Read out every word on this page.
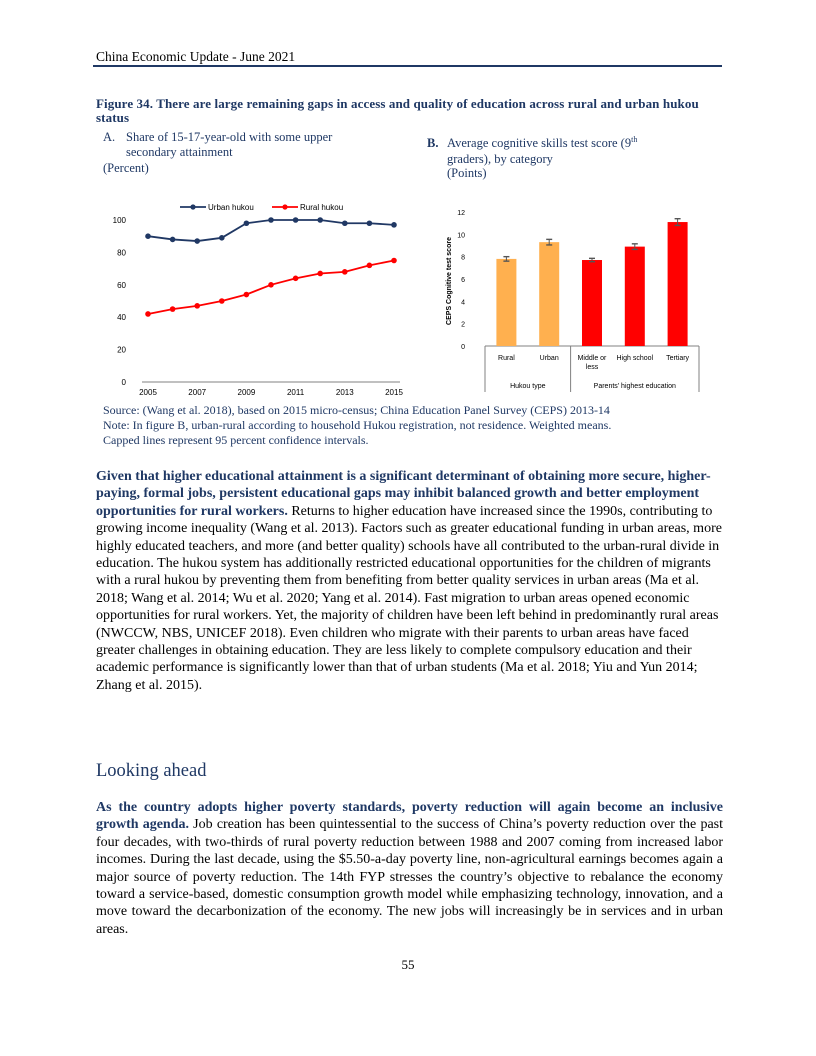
China Economic Update - June 2021
Figure 34. There are large remaining gaps in access and quality of education across rural and urban hukou status
A. Share of 15-17-year-old with some upper
secondary attainment
(Percent)
B. Average cognitive skills test score (9th
graders), by category
(Points)
0
20
40
60
80
100
2005	2007	2009	2011	2013	2015
Urban hukou	Rural hukou
0
2
4
6
8
10
12
CEPS Cognitive test score
Rural	Urban	Middle or
less
High school Tertiary
Hukou type	Parents' highest education
Source: (Wang et al. 2018), based on 2015 micro-census; China Education Panel Survey (CEPS) 2013-14
Note: In figure B, urban-rural according to household Hukou registration, not residence. Weighted means.
Capped lines represent 95 percent confidence intervals.
Given that higher educational attainment is a significant determinant of obtaining more secure, higher-paying, formal jobs, persistent educational gaps may inhibit balanced growth and better employment opportunities for rural workers. Returns to higher education have increased since the 1990s, contributing to growing income inequality (Wang et al. 2013). Factors such as greater educational funding in urban areas, more highly educated teachers, and more (and better quality) schools have all contributed to the urban-rural divide in education. The hukou system has additionally restricted educational opportunities for the children of migrants with a rural hukou by preventing them from benefiting from better quality services in urban areas (Ma et al. 2018; Wang et al. 2014; Wu et al. 2020; Yang et al. 2014). Fast migration to urban areas opened economic opportunities for rural workers. Yet, the majority of children have been left behind in predominantly rural areas (NWCCW, NBS, UNICEF 2018). Even children who migrate with their parents to urban areas have faced greater challenges in obtaining education. They are less likely to complete compulsory education and their academic performance is significantly lower than that of urban students (Ma et al. 2018; Yiu and Yun 2014; Zhang et al. 2015).
Looking ahead
As the country adopts higher poverty standards, poverty reduction will again become an inclusive growth agenda. Job creation has been quintessential to the success of China’s poverty reduction over the past four decades, with two-thirds of rural poverty reduction between 1988 and 2007 coming from increased labor incomes. During the last decade, using the $5.50-a-day poverty line, non-agricultural earnings becomes again a major source of poverty reduction. The 14th FYP stresses the country’s objective to rebalance the economy toward a service-based, domestic consumption growth model while emphasizing technology, innovation, and a move toward the decarbonization of the economy. The new jobs will increasingly be in services and in urban areas.
55
